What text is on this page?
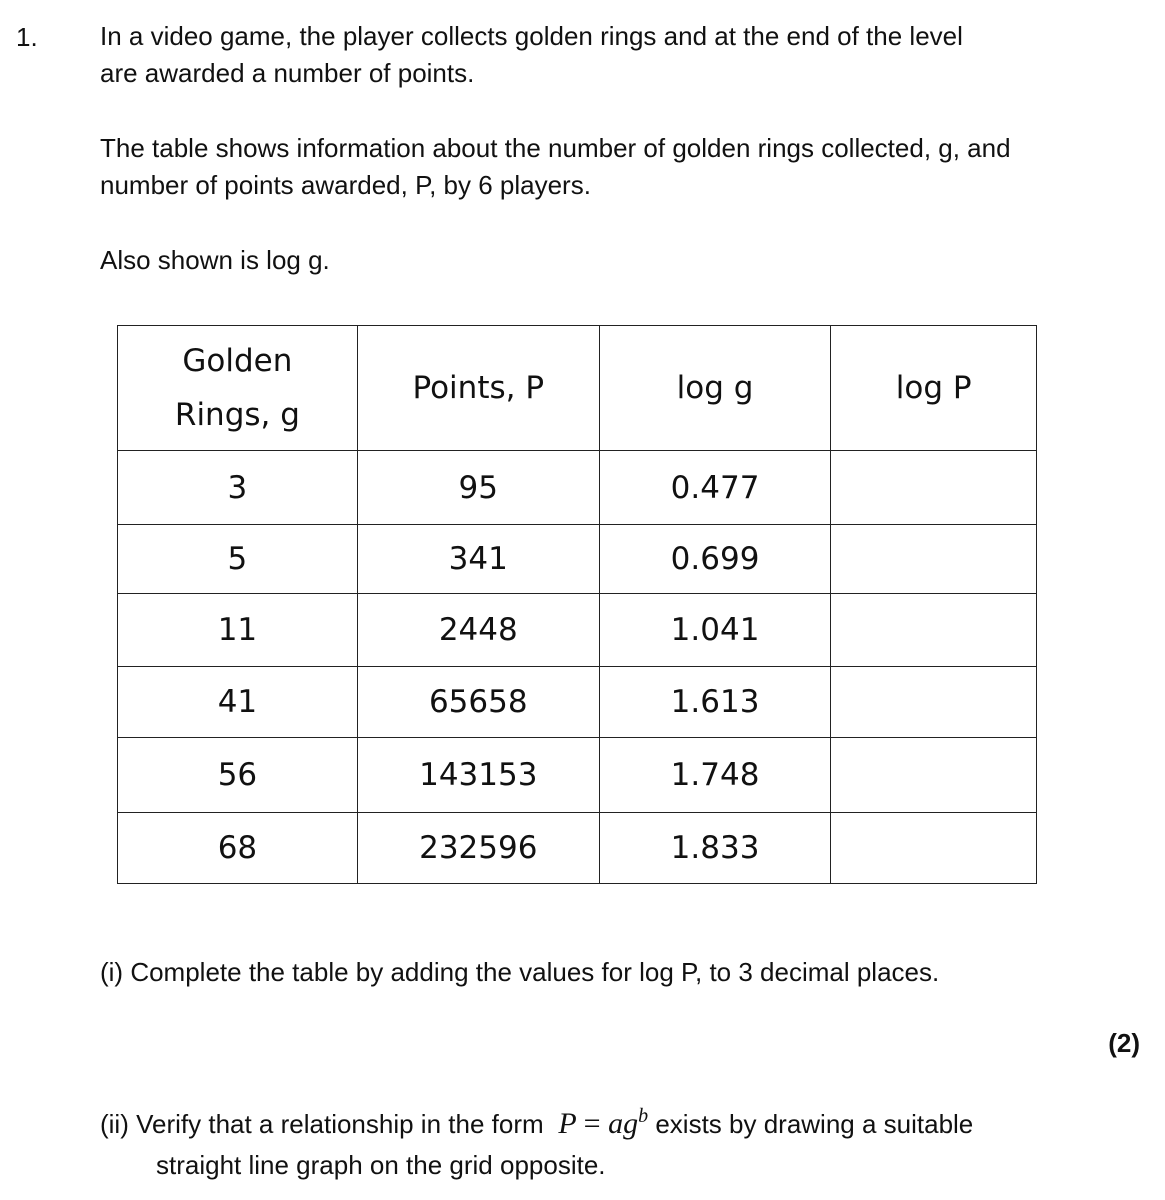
1. In a video game, the player collects golden rings and at the end of the level
are awarded a number of points.

The table shows information about the number of golden rings collected, g, and
number of points awarded, P, by 6 players.

Also shown is log g.

Golden
Rings, g	Points, P	log g	log P
3	95	0.477	
5	341	0.699	
11	2448	1.041	
41	65658	1.613	
56	143153	1.748	
68	232596	1.833	

(i) Complete the table by adding the values for log P, to 3 decimal places.

(2)

(ii) Verify that a relationship in the form $P = ag^b$ exists by drawing a suitable
straight line graph on the grid opposite.
